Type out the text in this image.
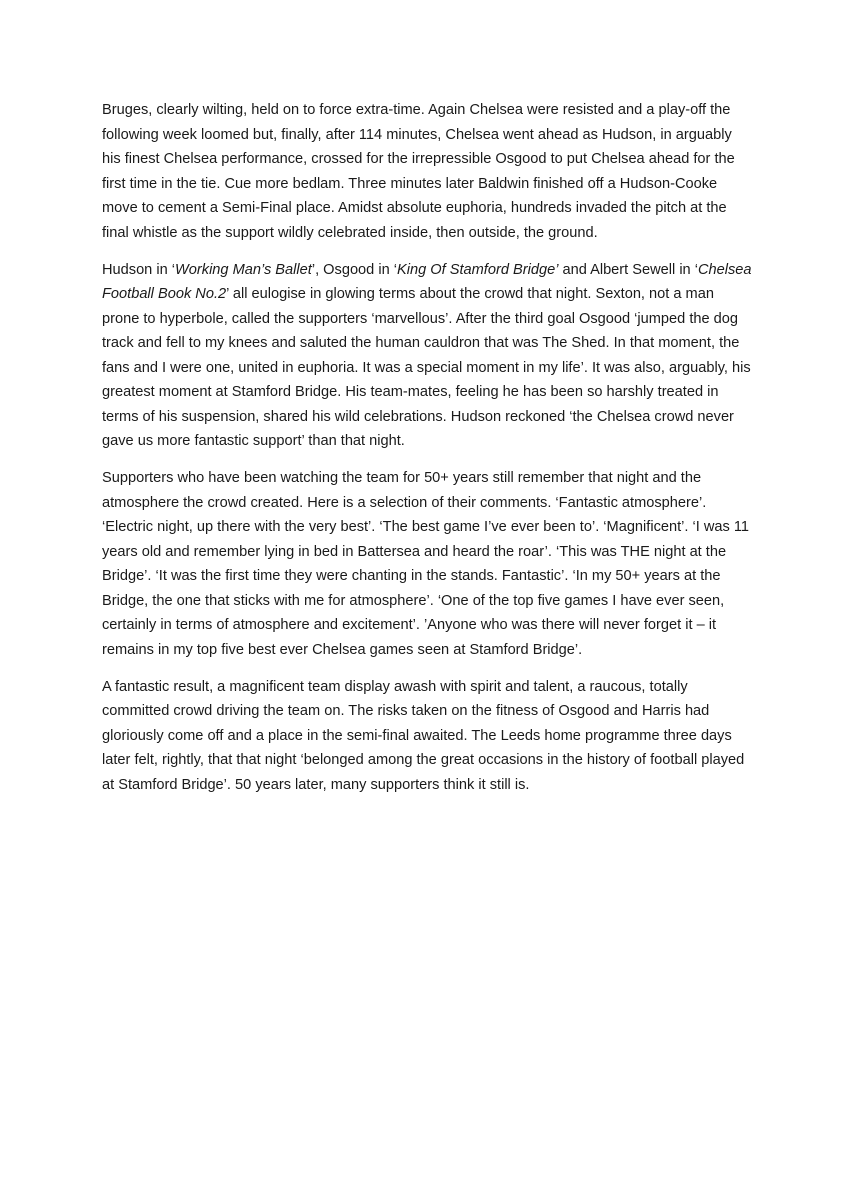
Bruges, clearly wilting, held on to force extra-time. Again Chelsea were resisted and a play-off the following week loomed but, finally, after 114 minutes, Chelsea went ahead as Hudson, in arguably his finest Chelsea performance, crossed for the irrepressible Osgood to put Chelsea ahead for the first time in the tie. Cue more bedlam. Three minutes later Baldwin finished off a Hudson-Cooke move to cement a Semi-Final place. Amidst absolute euphoria, hundreds invaded the pitch at the final whistle as the support wildly celebrated inside, then outside, the ground.

Hudson in ‘Working Man’s Ballet’, Osgood in ‘King Of Stamford Bridge’ and Albert Sewell in ‘Chelsea Football Book No.2’ all eulogise in glowing terms about the crowd that night. Sexton, not a man prone to hyperbole, called the supporters ‘marvellous’. After the third goal Osgood ‘jumped the dog track and fell to my knees and saluted the human cauldron that was The Shed. In that moment, the fans and I were one, united in euphoria. It was a special moment in my life’. It was also, arguably, his greatest moment at Stamford Bridge. His team-mates, feeling he has been so harshly treated in terms of his suspension, shared his wild celebrations. Hudson reckoned ‘the Chelsea crowd never gave us more fantastic support’ than that night.

Supporters who have been watching the team for 50+ years still remember that night and the atmosphere the crowd created. Here is a selection of their comments. ‘Fantastic atmosphere’. ‘Electric night, up there with the very best’. ‘The best game I’ve ever been to’. ‘Magnificent’. ‘I was 11 years old and remember lying in bed in Battersea and heard the roar’. ‘This was THE night at the Bridge’. ‘It was the first time they were chanting in the stands. Fantastic’. ‘In my 50+ years at the Bridge, the one that sticks with me for atmosphere’. ‘One of the top five games I have ever seen, certainly in terms of atmosphere and excitement’. ’Anyone who was there will never forget it – it remains in my top five best ever Chelsea games seen at Stamford Bridge’.

A fantastic result, a magnificent team display awash with spirit and talent, a raucous, totally committed crowd driving the team on. The risks taken on the fitness of Osgood and Harris had gloriously come off and a place in the semi-final awaited. The Leeds home programme three days later felt, rightly, that that night ‘belonged among the great occasions in the history of football played at Stamford Bridge’. 50 years later, many supporters think it still is.
